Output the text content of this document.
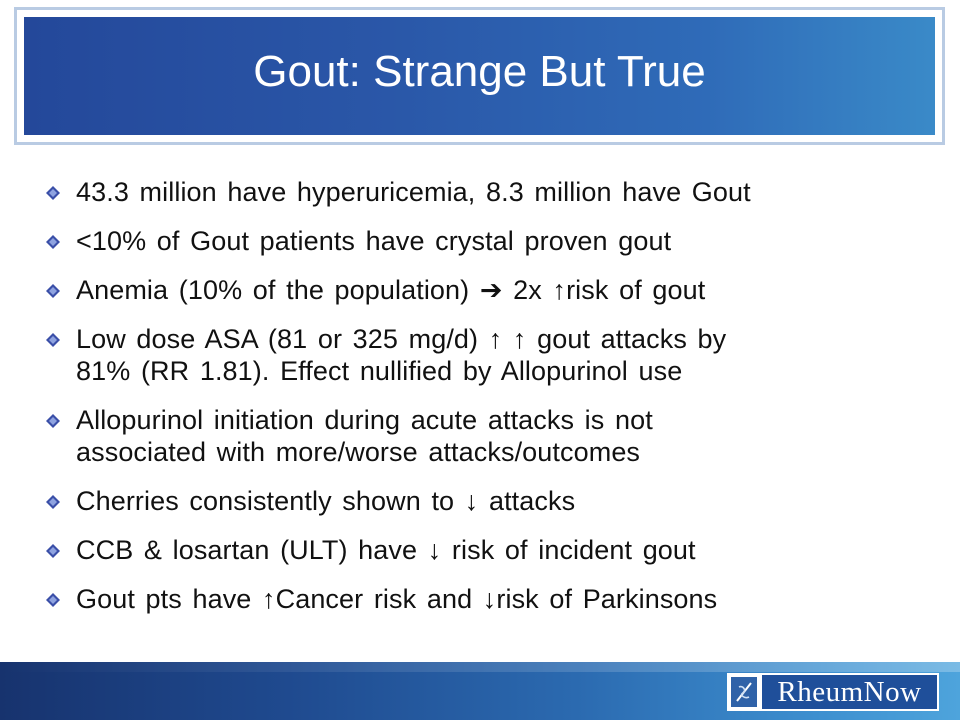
Gout: Strange But True
43.3 million have hyperuricemia, 8.3 million have Gout
<10% of Gout patients have crystal proven gout
Anemia (10% of the population) ➔ 2x ↑risk of gout
Low dose ASA (81 or 325 mg/d) ↑ ↑ gout attacks by
81% (RR 1.81). Effect nullified by Allopurinol use
Allopurinol initiation during acute attacks is not
associated with more/worse attacks/outcomes
Cherries consistently shown to ↓ attacks
CCB & losartan (ULT) have ↓ risk of incident gout
Gout pts have ↑Cancer risk and ↓risk of Parkinsons
RheumNow
